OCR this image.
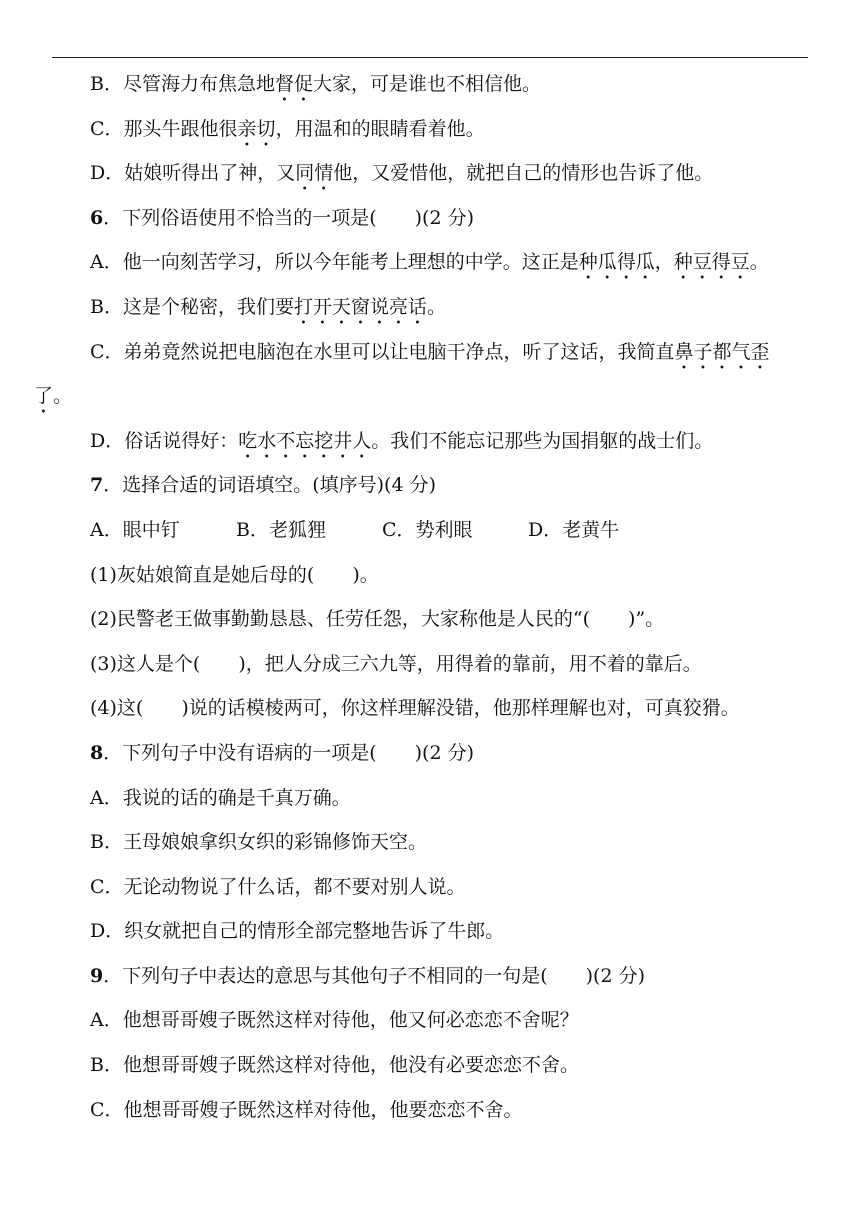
B．尽管海力布焦急地督促大家，可是谁也不相信他。
C．那头牛跟他很亲切，用温和的眼睛看着他。
D．姑娘听得出了神，又同情他，又爱惜他，就把自己的情形也告诉了他。
6．下列俗语使用不恰当的一项是(　　)(2 分)
A．他一向刻苦学习，所以今年能考上理想的中学。这正是种瓜得瓜，种豆得豆。
B．这是个秘密，我们要打开天窗说亮话。
C．弟弟竟然说把电脑泡在水里可以让电脑干净点，听了这话，我简直鼻子都气歪
了。
D．俗话说得好：吃水不忘挖井人。我们不能忘记那些为国捐躯的战士们。
7．选择合适的词语填空。(填序号)(4 分)
A．眼中钉	B．老狐狸	C．势利眼	D．老黄牛
(1)灰姑娘简直是她后母的(　　)。
(2)民警老王做事勤勤恳恳、任劳任怨，大家称他是人民的“(　　)”。
(3)这人是个(　　)，把人分成三六九等，用得着的靠前，用不着的靠后。
(4)这(　　)说的话模棱两可，你这样理解没错，他那样理解也对，可真狡猾。
8．下列句子中没有语病的一项是(　　)(2 分)
A．我说的话的确是千真万确。
B．王母娘娘拿织女织的彩锦修饰天空。
C．无论动物说了什么话，都不要对别人说。
D．织女就把自己的情形全部完整地告诉了牛郎。
9．下列句子中表达的意思与其他句子不相同的一句是(　　)(2 分)
A．他想哥哥嫂子既然这样对待他，他又何必恋恋不舍呢？
B．他想哥哥嫂子既然这样对待他，他没有必要恋恋不舍。
C．他想哥哥嫂子既然这样对待他，他要恋恋不舍。
